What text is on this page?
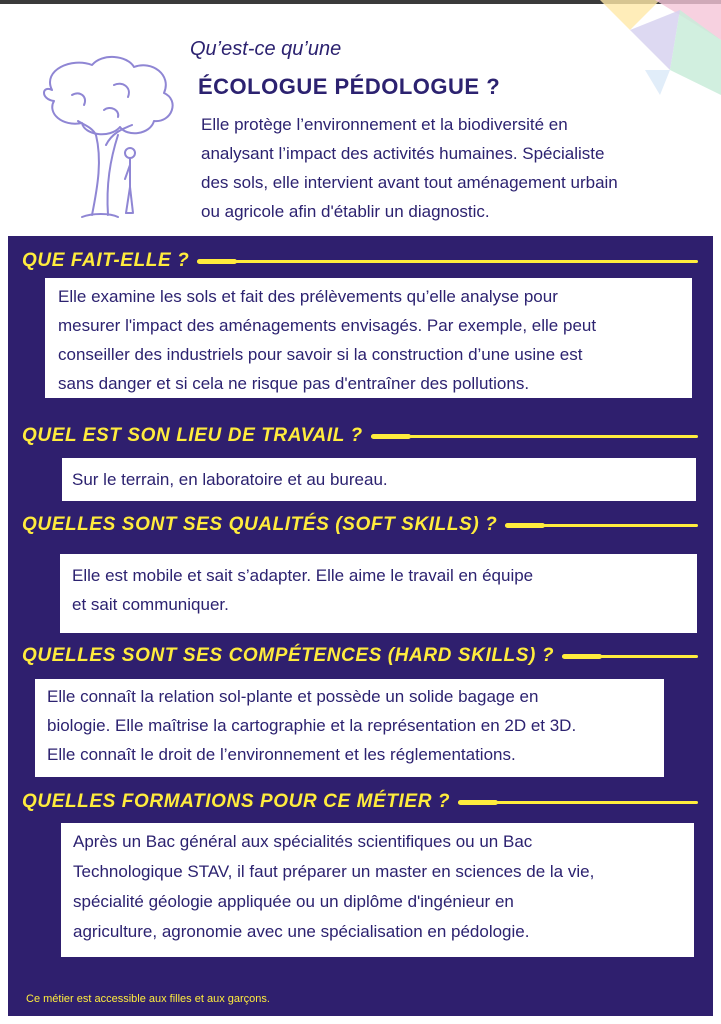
Qu’est-ce qu’une
ÉCOLOGUE PÉDOLOGUE ?
Elle protège l’environnement et la biodiversité en
analysant l’impact des activités humaines. Spécialiste
des sols, elle intervient avant tout aménagement urbain
ou agricole afin d'établir un diagnostic.
QUE FAIT-ELLE ?

Elle examine les sols et fait des prélèvements qu’elle analyse pour

mesurer l'impact des aménagements envisagés. Par exemple, elle peut

conseiller des industriels pour savoir si la construction d’une usine est

sans danger et si cela ne risque pas d'entraîner des pollutions.

QUEL EST SON LIEU DE TRAVAIL ?

Sur le terrain, en laboratoire et au bureau.

QUELLES SONT SES QUALITÉS (SOFT SKILLS) ?

Elle est mobile et sait s’adapter. Elle aime le travail en équipe

et sait communiquer.

QUELLES SONT SES COMPÉTENCES (HARD SKILLS) ?

Elle connaît la relation sol-plante et possède un solide bagage en

biologie. Elle maîtrise la cartographie et la représentation en 2D et 3D.

Elle connaît le droit de l’environnement et les réglementations.

QUELLES FORMATIONS POUR CE MÉTIER ?

Après un Bac général aux spécialités scientifiques ou un Bac

Technologique STAV, il faut préparer un master en sciences de la vie,

spécialité géologie appliquée ou un diplôme d'ingénieur en

agriculture, agronomie avec une spécialisation en pédologie.

Ce métier est accessible aux filles et aux garçons.
